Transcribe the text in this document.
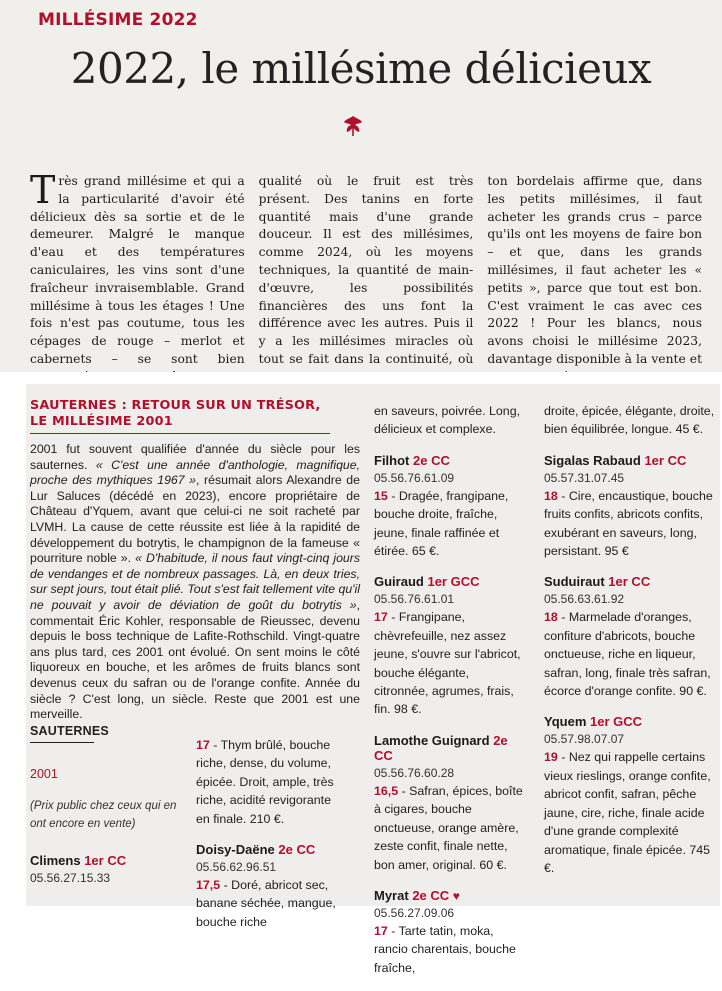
MILLÉSIME 2022
2022, le millésime délicieux
Très grand millésime et qui a la particularité d'avoir été délicieux dès sa sortie et de le demeurer. Malgré le manque d'eau et des températures caniculaires, les vins sont d'une fraîcheur invraisemblable. Grand millésime à tous les étages ! Une fois n'est pas coutume, tous les cépages de rouge – merlot et cabernets – se sont bien
qualité où le fruit est très présent. Des tanins en forte quantité mais d'une grande douceur. Il est des millésimes, comme 2024, où les moyens techniques, la quantité de main-d'œuvre, les possibilités financières des uns font la différence avec les autres. Puis il y a les millésimes miracles où tout se fait dans la continuité, où
ton bordelais affirme que, dans les petits millésimes, il faut acheter les grands crus – parce qu'ils ont les moyens de faire bon – et que, dans les grands millésimes, il faut acheter les « petits », parce que tout est bon. C'est vraiment le cas avec ces 2022 ! Pour les blancs, nous avons choisi le millésime 2023, davantage disponible à la vente et
SAUTERNES : RETOUR SUR UN TRÉSOR,
LE MILLÉSIME 2001
2001 fut souvent qualifiée d'année du siècle pour les sauternes. « C'est une année d'anthologie, magnifique, proche des mythiques 1967 », résumait alors Alexandre de Lur Saluces (décédé en 2023), encore propriétaire de Château d'Yquem, avant que celui-ci ne soit racheté par LVMH. La cause de cette réussite est liée à la rapidité de développement du botrytis, le champignon de la fameuse « pourriture noble ». « D'habitude, il nous faut vingt-cinq jours de vendanges et de nombreux passages. Là, en deux tries, sur sept jours, tout était plié. Tout s'est fait tellement vite qu'il ne pouvait y avoir de déviation de goût du botrytis », commentait Éric Kohler, responsable de Rieussec, devenu depuis le boss technique de Lafite-Rothschild. Vingt-quatre ans plus tard, ces 2001 ont évolué. On sent moins le côté liquoreux en bouche, et les arômes de fruits blancs sont devenus ceux du safran ou de l'orange confite. Année du siècle ? C'est long, un siècle. Reste que 2001 est une merveille.
SAUTERNES
2001
(Prix public chez ceux qui en ont encore en vente)
Climens 1er CC
05.56.27.15.33
17 - Thym brûlé, bouche riche, dense, du volume, épicée. Droit, ample, très riche, acidité revigorante en finale. 210 €.
Doisy-Daëne 2e CC
05.56.62.96.51
17,5 - Doré, abricot sec, banane séchée, mangue, bouche riche
en saveurs, poivrée. Long, délicieux et complexe.
Filhot 2e CC
05.56.76.61.09
15 - Dragée, frangipane, bouche droite, fraîche, jeune, finale raffinée et étirée. 65 €.
Guiraud 1er GCC
05.56.76.61.01
17 - Frangipane, chèvrefeuille, nez assez jeune, s'ouvre sur l'abricot, bouche élégante, citronnée, agrumes, frais, fin. 98 €.
Lamothe Guignard 2e CC
05.56.76.60.28
16,5 - Safran, épices, boîte à cigares, bouche onctueuse, orange amère, zeste confit, finale nette, bon amer, original. 60 €.
Myrat 2e CC ♥
05.56.27.09.06
17 - Tarte tatin, moka, rancio charentais, bouche fraîche,
droite, épicée, élégante, droite, bien équilibrée, longue. 45 €.
Sigalas Rabaud 1er CC
05.57.31.07.45
18 - Cire, encaustique, bouche fruits confits, abricots confits, exubérant en saveurs, long, persistant. 95 €
Suduiraut 1er CC
05.56.63.61.92
18 - Marmelade d'oranges, confiture d'abricots, bouche onctueuse, riche en liqueur, safran, long, finale très safran, écorce d'orange confite. 90 €.
Yquem 1er GCC
05.57.98.07.07
19 - Nez qui rappelle certains vieux rieslings, orange confite, abricot confit, safran, pêche jaune, cire, riche, finale acide d'une grande complexité aromatique, finale épicée. 745 €.
